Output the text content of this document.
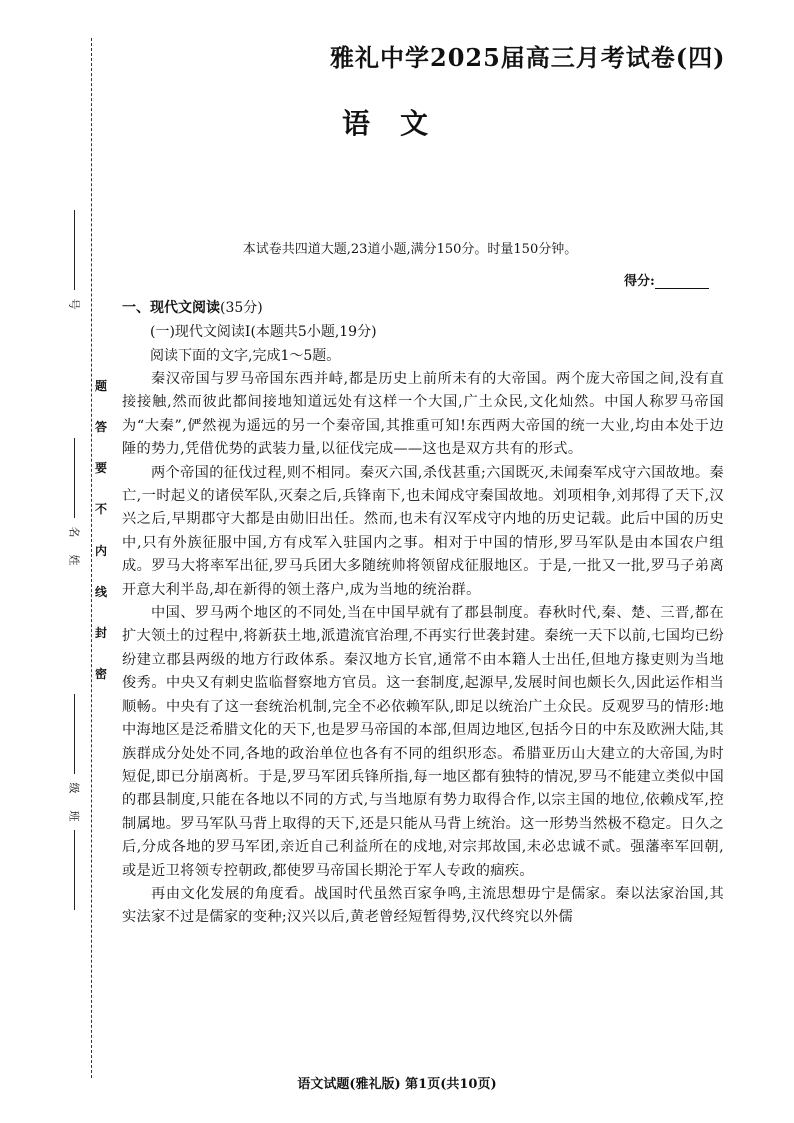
题
答
要
不
内
线
封
密
号
名
姓
级
班
雅礼中学2025届高三月考试卷(四)
语文
本试卷共四道大题,23道小题,满分150分。时量150分钟。
得分:

一、现代文阅读(35分)

(一)现代文阅读Ⅰ(本题共5小题,19分)

阅读下面的文字,完成1～5题。

秦汉帝国与罗马帝国东西并峙,都是历史上前所未有的大帝国。两个庞大帝国之间,没有直接接触,然而彼此都间接地知道远处有这样一个大国,广土众民,文化灿然。中国人称罗马帝国为“大秦”,俨然视为遥远的另一个秦帝国,其推重可知!东西两大帝国的统一大业,均由本处于边陲的势力,凭借优势的武装力量,以征伐完成——这也是双方共有的形式。

两个帝国的征伐过程,则不相同。秦灭六国,杀伐甚重;六国既灭,未闻秦军戍守六国故地。秦亡,一时起义的诸侯军队,灭秦之后,兵锋南下,也未闻戍守秦国故地。刘项相争,刘邦得了天下,汉兴之后,早期郡守大都是由勋旧出任。然而,也未有汉军戍守内地的历史记载。此后中国的历史中,只有外族征服中国,方有戍军入驻国内之事。相对于中国的情形,罗马军队是由本国农户组成。罗马大将率军出征,罗马兵团大多随统帅将领留戍征服地区。于是,一批又一批,罗马子弟离开意大利半岛,却在新得的领土落户,成为当地的统治群。

中国、罗马两个地区的不同处,当在中国早就有了郡县制度。春秋时代,秦、楚、三晋,都在扩大领土的过程中,将新获土地,派遣流官治理,不再实行世袭封建。秦统一天下以前,七国均已纷纷建立郡县两级的地方行政体系。秦汉地方长官,通常不由本籍人士出任,但地方掾吏则为当地俊秀。中央又有刺史监临督察地方官员。这一套制度,起源早,发展时间也颇长久,因此运作相当顺畅。中央有了这一套统治机制,完全不必依赖军队,即足以统治广土众民。反观罗马的情形:地中海地区是泛希腊文化的天下,也是罗马帝国的本部,但周边地区,包括今日的中东及欧洲大陆,其族群成分处处不同,各地的政治单位也各有不同的组织形态。希腊亚历山大建立的大帝国,为时短促,即已分崩离析。于是,罗马军团兵锋所指,每一地区都有独特的情况,罗马不能建立类似中国的郡县制度,只能在各地以不同的方式,与当地原有势力取得合作,以宗主国的地位,依赖戍军,控制属地。罗马军队马背上取得的天下,还是只能从马背上统治。这一形势当然极不稳定。日久之后,分成各地的罗马军团,亲近自己利益所在的戍地,对宗邦故国,未必忠诚不贰。强藩率军回朝,或是近卫将领专控朝政,都使罗马帝国长期沦于军人专政的痼疾。

再由文化发展的角度看。战国时代虽然百家争鸣,主流思想毋宁是儒家。秦以法家治国,其实法家不过是儒家的变种;汉兴以后,黄老曾经短暂得势,汉代终究以外儒

语文试题(雅礼版) 第1页(共10页)
